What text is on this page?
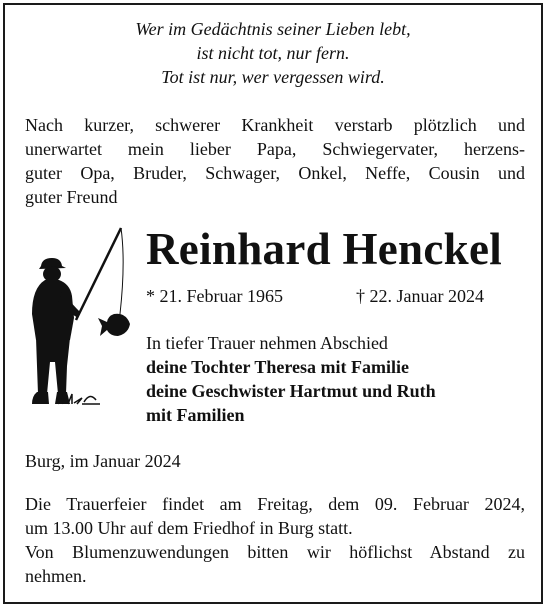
Wer im Gedächtnis seiner Lieben lebt,
ist nicht tot, nur fern.
Tot ist nur, wer vergessen wird.
Nach kurzer, schwerer Krankheit verstarb plötzlich und
unerwartet mein lieber Papa, Schwiegervater, herzens-
guter Opa, Bruder, Schwager, Onkel, Neffe, Cousin und
guter Freund
Reinhard Henckel
* 21. Februar 1965	† 22. Januar 2024
In tiefer Trauer nehmen Abschied
deine Tochter Theresa mit Familie
deine Geschwister Hartmut und Ruth
mit Familien
Burg, im Januar 2024
Die Trauerfeier findet am Freitag, dem 09. Februar 2024,
um 13.00 Uhr auf dem Friedhof in Burg statt.
Von Blumenzuwendungen bitten wir höflichst Abstand zu
nehmen.
